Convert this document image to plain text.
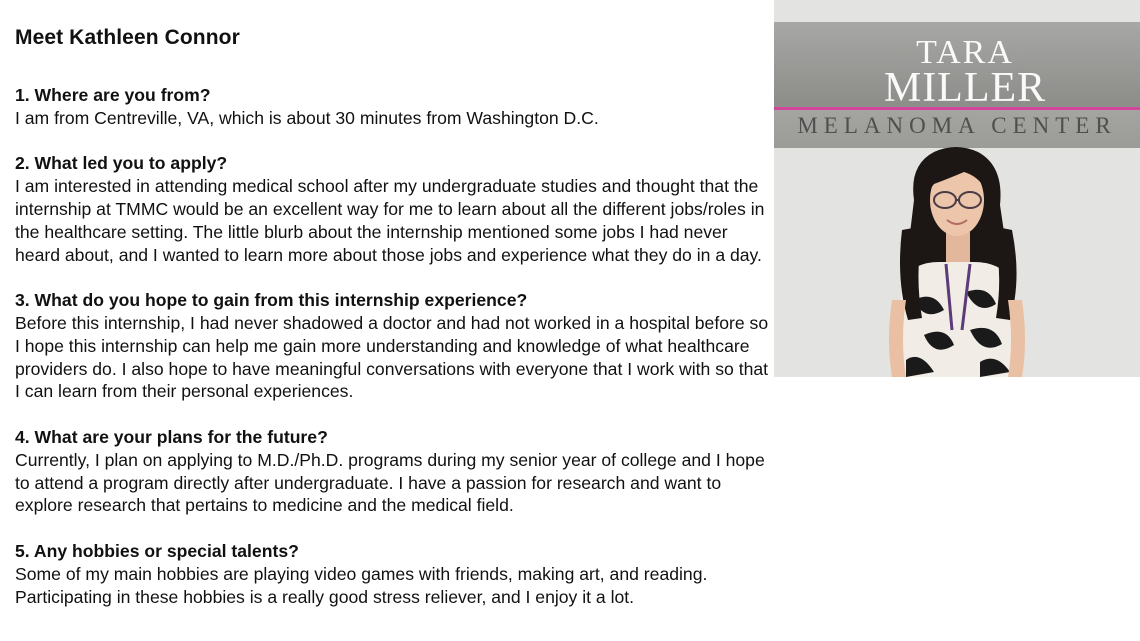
Meet Kathleen Connor
1. Where are you from?
I am from Centreville, VA, which is about 30 minutes from Washington D.C.
2. What led you to apply?
I am interested in attending medical school after my undergraduate studies and thought that the internship at TMMC would be an excellent way for me to learn about all the different jobs/roles in the healthcare setting. The little blurb about the internship mentioned some jobs I had never heard about, and I wanted to learn more about those jobs and experience what they do in a day.
3. What do you hope to gain from this internship experience?
Before this internship, I had never shadowed a doctor and had not worked in a hospital before so I hope this internship can help me gain more understanding and knowledge of what healthcare providers do. I also hope to have meaningful conversations with everyone that I work with so that I can learn from their personal experiences.
4. What are your plans for the future?
Currently, I plan on applying to M.D./Ph.D. programs during my senior year of college and I hope to attend a program directly after undergraduate. I have a passion for research and want to explore research that pertains to medicine and the medical field.
5. Any hobbies or special talents?
Some of my main hobbies are playing video games with friends, making art, and reading. Participating in these hobbies is a really good stress reliever, and I enjoy it a lot.
TARA
MILLER
MELANOMA CENTER
